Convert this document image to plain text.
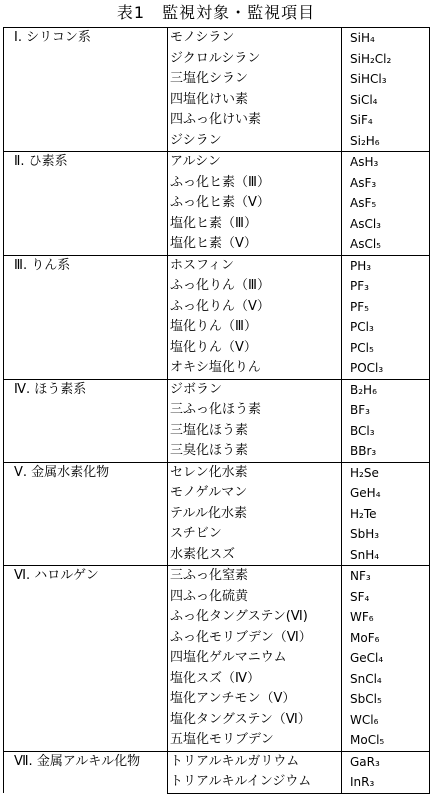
表1　監視対象・監視項目
Ⅰ. シリコン系	モノシラン	SiH₄
	ジクロルシラン	SiH₂Cl₂
	三塩化シラン	SiHCl₃
	四塩化けい素	SiCl₄
	四ふっ化けい素	SiF₄
	ジシラン	Si₂H₆
Ⅱ. ひ素系	アルシン	AsH₃
	ふっ化ヒ素（Ⅲ）	AsF₃
	ふっ化ヒ素（Ⅴ）	AsF₅
	塩化ヒ素（Ⅲ）	AsCl₃
	塩化ヒ素（Ⅴ）	AsCl₅
Ⅲ. りん系	ホスフィン	PH₃
	ふっ化りん（Ⅲ）	PF₃
	ふっ化りん（Ⅴ）	PF₅
	塩化りん（Ⅲ）	PCl₃
	塩化りん（Ⅴ）	PCl₅
	オキシ塩化りん	POCl₃
Ⅳ. ほう素系	ジボラン	B₂H₆
	三ふっ化ほう素	BF₃
	三塩化ほう素	BCl₃
	三臭化ほう素	BBr₃
Ⅴ. 金属水素化物	セレン化水素	H₂Se
	モノゲルマン	GeH₄
	テルル化水素	H₂Te
	スチビン	SbH₃
	水素化スズ	SnH₄
Ⅵ. ハロルゲン	三ふっ化窒素	NF₃
	四ふっ化硫黄	SF₄
	ふっ化タングステン(Ⅵ)	WF₆
	ふっ化モリブデン（Ⅵ）	MoF₆
	四塩化ゲルマニウム	GeCl₄
	塩化スズ（Ⅳ）	SnCl₄
	塩化アンチモン（Ⅴ）	SbCl₅
	塩化タングステン（Ⅵ）	WCl₆
	五塩化モリブデン	MoCl₅
Ⅶ. 金属アルキル化物	トリアルキルガリウム	GaR₃
	トリアルキルインジウム	InR₃
